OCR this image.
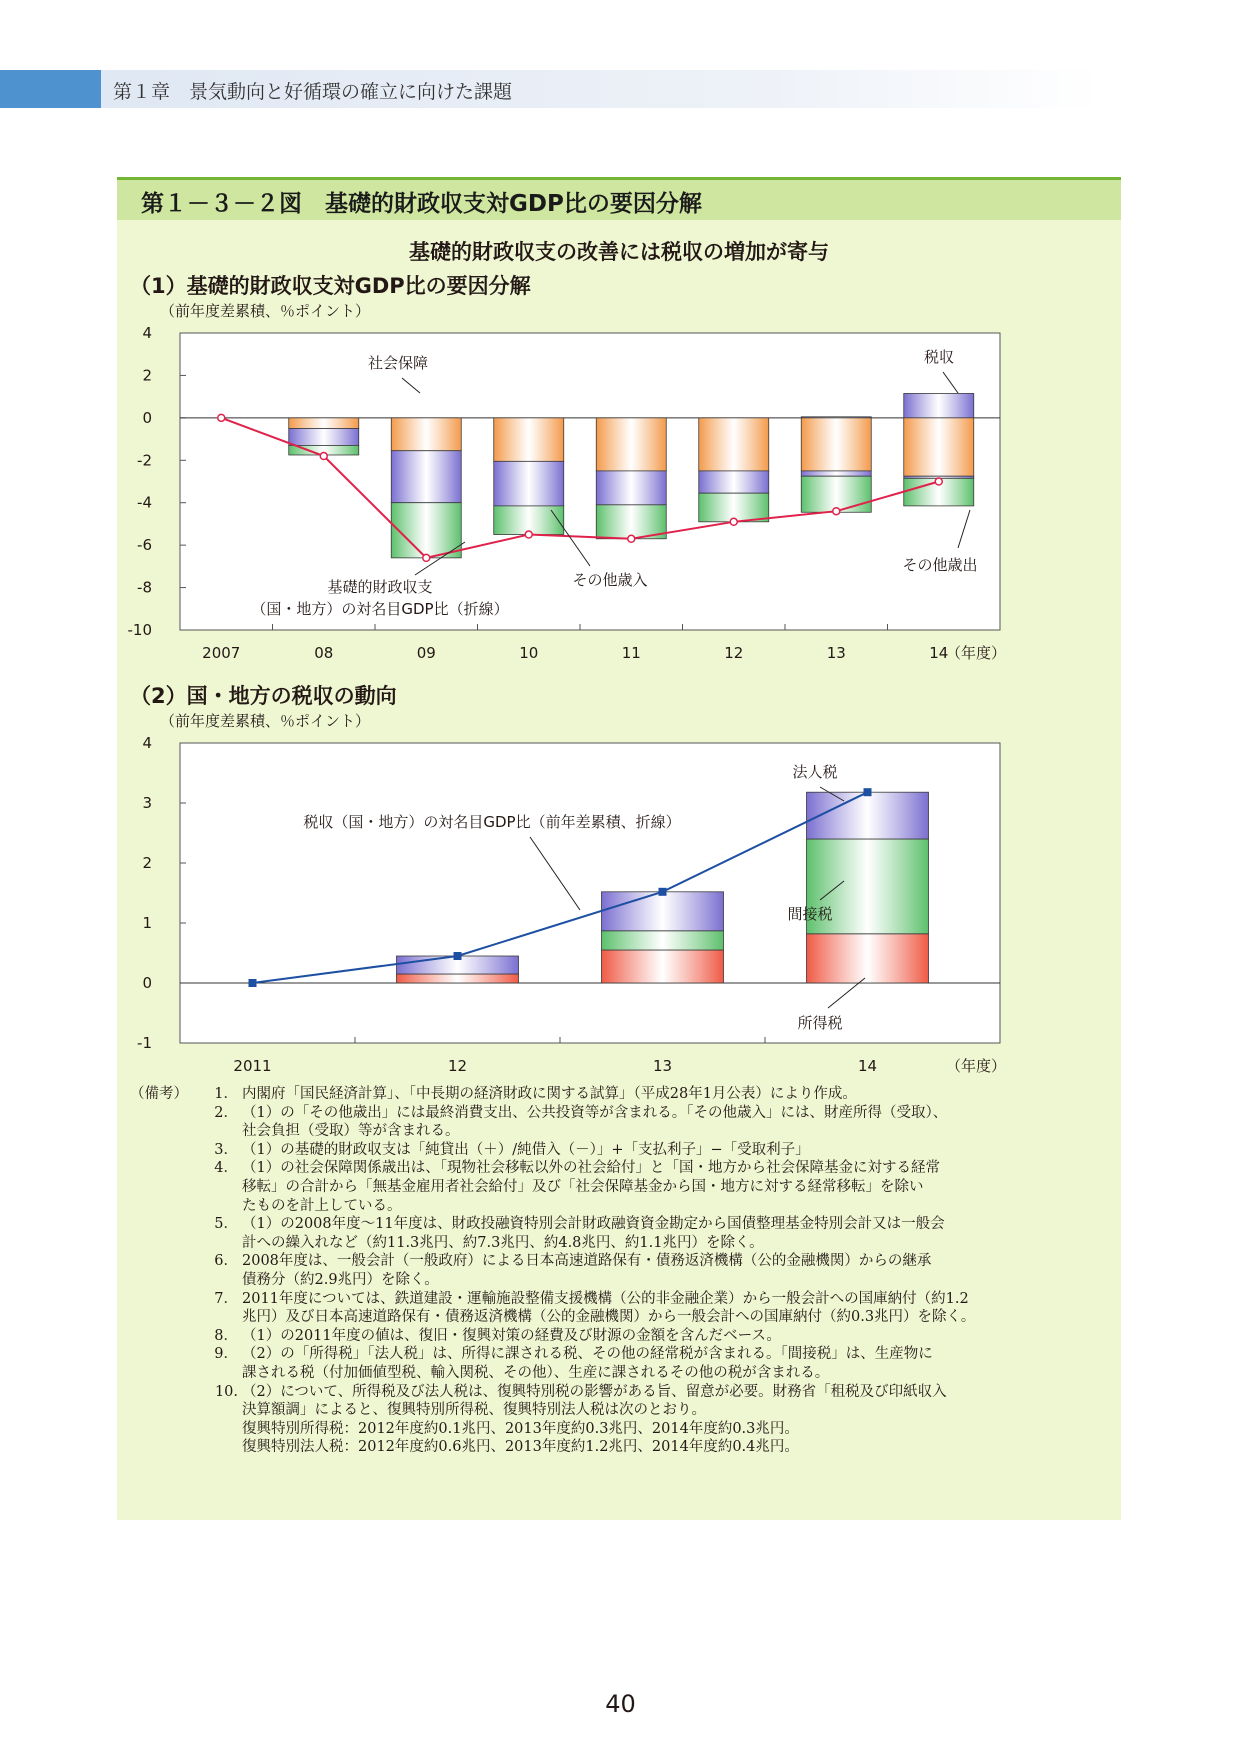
第１章　景気動向と好循環の確立に向けた課題
第１－３－２図　基礎的財政収支対GDP比の要因分解
基礎的財政収支の改善には税収の増加が寄与
（1）基礎的財政収支対GDP比の要因分解
（前年度差累積、％ポイント）
4
2
0
-2
-4
-6
-8
-10
2007	08	09	10	11	12	13	14
（年度）
社会保障	税収
その他歳入
その他歳出
基礎的財政収支
（国・地方）の対名目GDP比（折線）
（2）国・地方の税収の動向
（前年度差累積、％ポイント）
4
3
2
1
0
-1
2011	12	13	14	（年度）
法人税
税収（国・地方）の対名目GDP比（前年差累積、折線）
間接税
所得税
（備考）	1． 内閣府「国民経済計算」、「中長期の経済財政に関する試算」（平成28年1月公表）により作成。
2． （1）の「その他歳出」には最終消費支出、公共投資等が含まれる。「その他歳入」には、財産所得（受取）、
社会負担（受取）等が含まれる。
3． （1）の基礎的財政収支は「純貸出（＋）/純借入（－）」+「支払利子」−「受取利子」
4． （1）の社会保障関係歳出は、「現物社会移転以外の社会給付」と「国・地方から社会保障基金に対する経常
移転」の合計から「無基金雇用者社会給付」及び「社会保障基金から国・地方に対する経常移転」を除い
たものを計上している。
5． （1）の2008年度～11年度は、財政投融資特別会計財政融資資金勘定から国債整理基金特別会計又は一般会
計への繰入れなど（約11.3兆円、約7.3兆円、約4.8兆円、約1.1兆円）を除く。
6． 2008年度は、一般会計（一般政府）による日本高速道路保有・債務返済機構（公的金融機関）からの継承
債務分（約2.9兆円）を除く。
7． 2011年度については、鉄道建設・運輸施設整備支援機構（公的非金融企業）から一般会計への国庫納付（約1.2
兆円）及び日本高速道路保有・債務返済機構（公的金融機関）から一般会計への国庫納付（約0.3兆円）を除く。
8． （1）の2011年度の値は、復旧・復興対策の経費及び財源の金額を含んだベース。
9． （2）の「所得税」「法人税」は、所得に課される税、その他の経常税が含まれる。「間接税」は、生産物に
課される税（付加価値型税、輸入関税、その他）、生産に課されるその他の税が含まれる。
10. （2）について、所得税及び法人税は、復興特別税の影響がある旨、留意が必要。財務省「租税及び印紙収入
決算額調」によると、復興特別所得税、復興特別法人税は次のとおり。
復興特別所得税：2012年度約0.1兆円、2013年度約0.3兆円、2014年度約0.3兆円。
復興特別法人税：2012年度約0.6兆円、2013年度約1.2兆円、2014年度約0.4兆円。
40
